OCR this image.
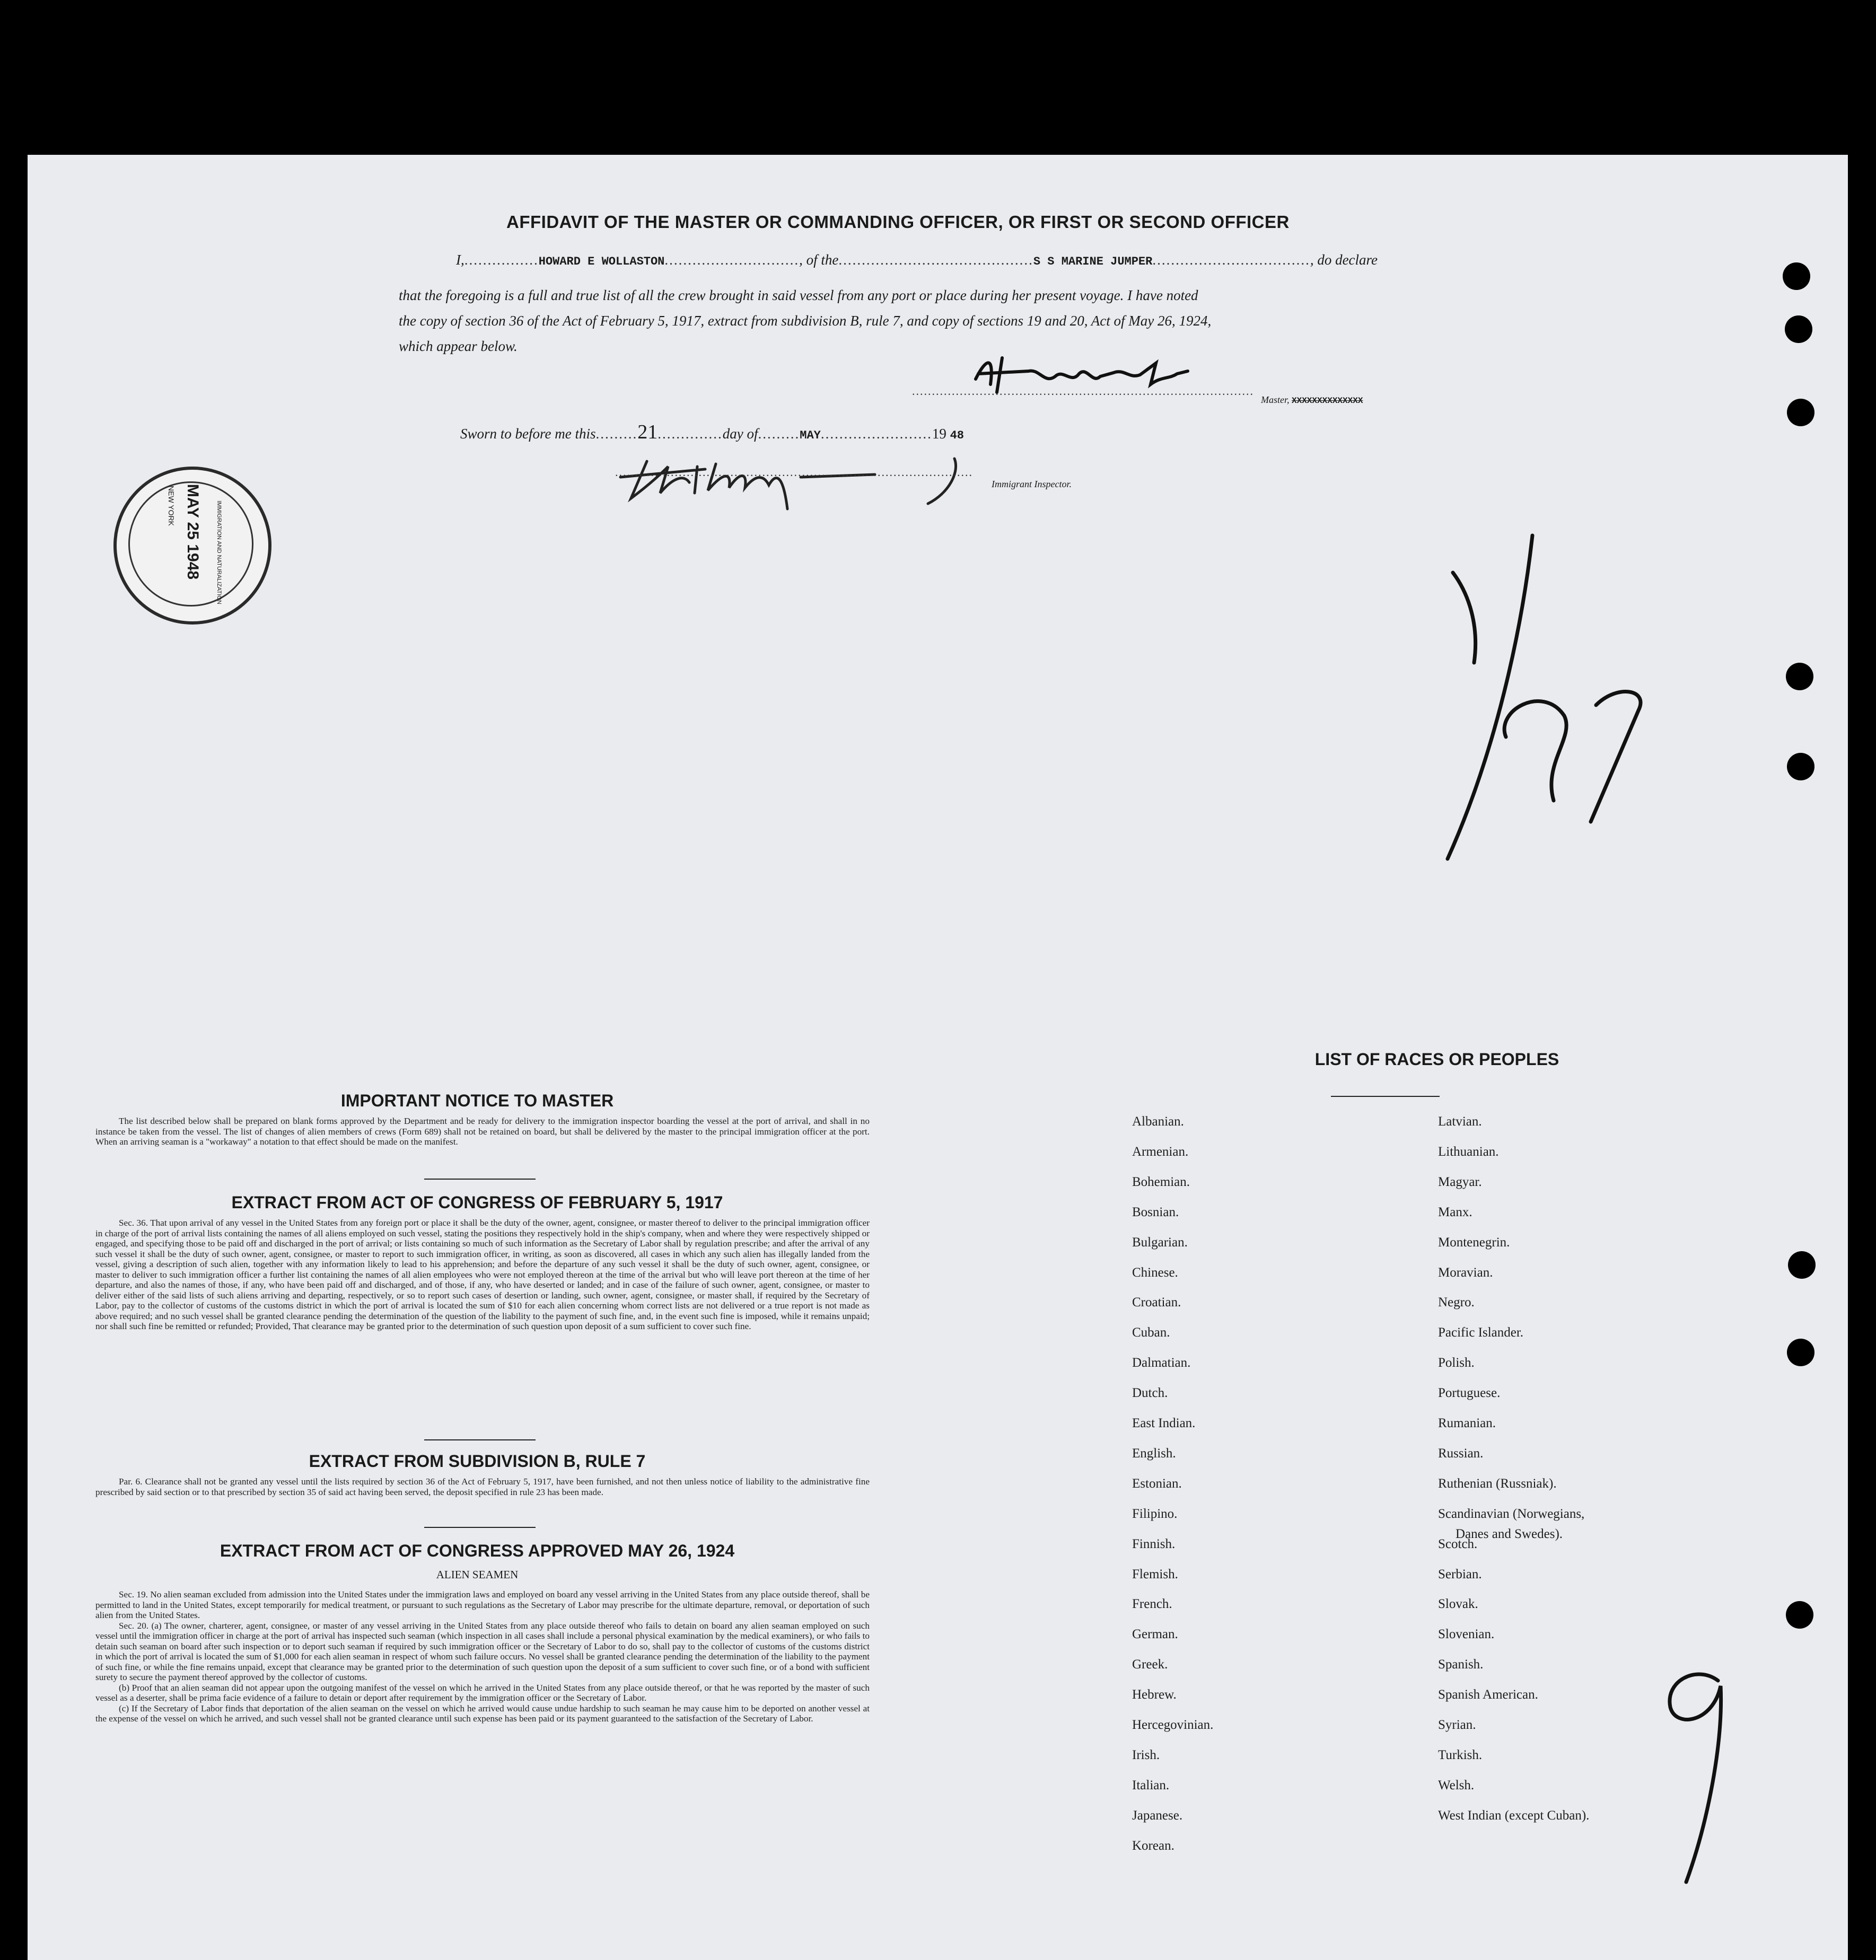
AFFIDAVIT OF THE MASTER OR COMMANDING OFFICER, OR FIRST OR SECOND OFFICER
I,................HOWARD E WOLLASTON............................., of the..........................................S S MARINE JUMPER.................................., do declare
that the foregoing is a full and true list of all the crew brought in said vessel from any port or place during her present voyage. I have noted
the copy of section 36 of the Act of February 5, 1917, extract from subdivision B, rule 7, and copy of sections 19 and 20, Act of May 26, 1924,
which appear below.
......................................................................................
Master, XXXXXXXXXXXXXX
Sworn to before me this.........21..............day of.........MAY........................19 48
..........................................................................................
Immigrant Inspector.
MAY 25 1948
NEW YORK	IMMIGRATION AND NATURALIZATION
IMPORTANT NOTICE TO MASTER

The list described below shall be prepared on blank forms approved by the Department and be ready for delivery to the immigration inspector boarding the vessel at the port of arrival, and shall in no instance be taken from the vessel. The list of changes of alien members of crews (Form 689) shall not be retained on board, but shall be delivered by the master to the principal immigration officer at the port. When an arriving seaman is a "workaway" a notation to that effect should be made on the manifest.

EXTRACT FROM ACT OF CONGRESS OF FEBRUARY 5, 1917

Sec. 36. That upon arrival of any vessel in the United States from any foreign port or place it shall be the duty of the owner, agent, consignee, or master thereof to deliver to the principal immigration officer in charge of the port of arrival lists containing the names of all aliens employed on such vessel, stating the positions they respectively hold in the ship's company, when and where they were respectively shipped or engaged, and specifying those to be paid off and discharged in the port of arrival; or lists containing so much of such information as the Secretary of Labor shall by regulation prescribe; and after the arrival of any such vessel it shall be the duty of such owner, agent, consignee, or master to report to such immigration officer, in writing, as soon as discovered, all cases in which any such alien has illegally landed from the vessel, giving a description of such alien, together with any information likely to lead to his apprehension; and before the departure of any such vessel it shall be the duty of such owner, agent, consignee, or master to deliver to such immigration officer a further list containing the names of all alien employees who were not employed thereon at the time of the arrival but who will leave port thereon at the time of her departure, and also the names of those, if any, who have been paid off and discharged, and of those, if any, who have deserted or landed; and in case of the failure of such owner, agent, consignee, or master to deliver either of the said lists of such aliens arriving and departing, respectively, or so to report such cases of desertion or landing, such owner, agent, consignee, or master shall, if required by the Secretary of Labor, pay to the collector of customs of the customs district in which the port of arrival is located the sum of $10 for each alien concerning whom correct lists are not delivered or a true report is not made as above required; and no such vessel shall be granted clearance pending the determination of the question of the liability to the payment of such fine, and, in the event such fine is imposed, while it remains unpaid; nor shall such fine be remitted or refunded; Provided, That clearance may be granted prior to the determination of such question upon deposit of a sum sufficient to cover such fine.

EXTRACT FROM SUBDIVISION B, RULE 7

Par. 6. Clearance shall not be granted any vessel until the lists required by section 36 of the Act of February 5, 1917, have been furnished, and not then unless notice of liability to the administrative fine prescribed by said section or to that prescribed by section 35 of said act having been served, the deposit specified in rule 23 has been made.

EXTRACT FROM ACT OF CONGRESS APPROVED MAY 26, 1924
ALIEN SEAMEN

Sec. 19. No alien seaman excluded from admission into the United States under the immigration laws and employed on board any vessel arriving in the United States from any place outside thereof, shall be permitted to land in the United States, except temporarily for medical treatment, or pursuant to such regulations as the Secretary of Labor may prescribe for the ultimate departure, removal, or deportation of such alien from the United States.

Sec. 20. (a) The owner, charterer, agent, consignee, or master of any vessel arriving in the United States from any place outside thereof who fails to detain on board any alien seaman employed on such vessel until the immigration officer in charge at the port of arrival has inspected such seaman (which inspection in all cases shall include a personal physical examination by the medical examiners), or who fails to detain such seaman on board after such inspection or to deport such seaman if required by such immigration officer or the Secretary of Labor to do so, shall pay to the collector of customs of the customs district in which the port of arrival is located the sum of $1,000 for each alien seaman in respect of whom such failure occurs. No vessel shall be granted clearance pending the determination of the liability to the payment of such fine, or while the fine remains unpaid, except that clearance may be granted prior to the determination of such question upon the deposit of a sum sufficient to cover such fine, or of a bond with sufficient surety to secure the payment thereof approved by the collector of customs.

(b) Proof that an alien seaman did not appear upon the outgoing manifest of the vessel on which he arrived in the United States from any place outside thereof, or that he was reported by the master of such vessel as a deserter, shall be prima facie evidence of a failure to detain or deport after requirement by the immigration officer or the Secretary of Labor.

(c) If the Secretary of Labor finds that deportation of the alien seaman on the vessel on which he arrived would cause undue hardship to such seaman he may cause him to be deported on another vessel at the expense of the vessel on which he arrived, and such vessel shall not be granted clearance until such expense has been paid or its payment guaranteed to the satisfaction of the Secretary of Labor.

LIST OF RACES OR PEOPLES
Albanian.
Armenian.
Bohemian.
Bosnian.
Bulgarian.
Chinese.
Croatian.
Cuban.
Dalmatian.
Dutch.
East Indian.
English.
Estonian.
Filipino.
Finnish.
Flemish.
French.
German.
Greek.
Hebrew.
Hercegovinian.
Irish.
Italian.
Japanese.
Korean.
Latvian.
Lithuanian.
Magyar.
Manx.
Montenegrin.
Moravian.
Negro.
Pacific Islander.
Polish.
Portuguese.
Rumanian.
Russian.
Ruthenian (Russniak).
Scandinavian (Norwegians,
Danes and Swedes).
Scotch.
Serbian.
Slovak.
Slovenian.
Spanish.
Spanish American.
Syrian.
Turkish.
Welsh.
West Indian (except Cuban).
